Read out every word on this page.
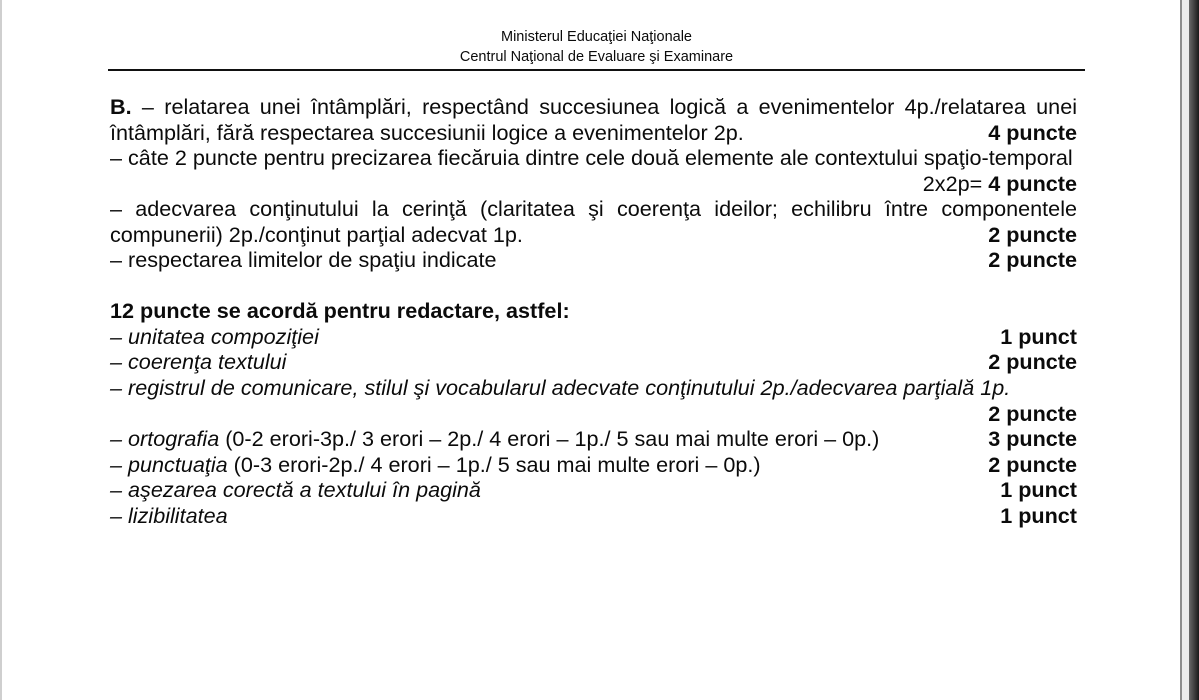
Ministerul Educaţiei Naţionale
Centrul Naţional de Evaluare şi Examinare
B. – relatarea unei întâmplări, respectând succesiunea logică a evenimentelor 4p./relatarea unei
întâmplări, fără respectarea succesiunii logice a evenimentelor 2p.	4 puncte
– câte 2 puncte pentru precizarea fiecăruia dintre cele două elemente ale contextului spaţio-temporal
2x2p= 4 puncte
– adecvarea conţinutului la cerinţă (claritatea şi coerenţa ideilor; echilibru între componentele
compunerii) 2p./conţinut parţial adecvat 1p.	2 puncte
– respectarea limitelor de spaţiu indicate	2 puncte
12 puncte se acordă pentru redactare, astfel:
– unitatea compoziţiei	1 punct
– coerenţa textului	2 puncte
– registrul de comunicare, stilul şi vocabularul adecvate conţinutului 2p./adecvarea parţială 1p.
2 puncte
– ortografia (0-2 erori-3p./ 3 erori – 2p./ 4 erori – 1p./ 5 sau mai multe erori – 0p.)	3 puncte
– punctuaţia (0-3 erori-2p./ 4 erori – 1p./ 5 sau mai multe erori – 0p.)	2 puncte
– aşezarea corectă a textului în pagină	1 punct
– lizibilitatea	1 punct
